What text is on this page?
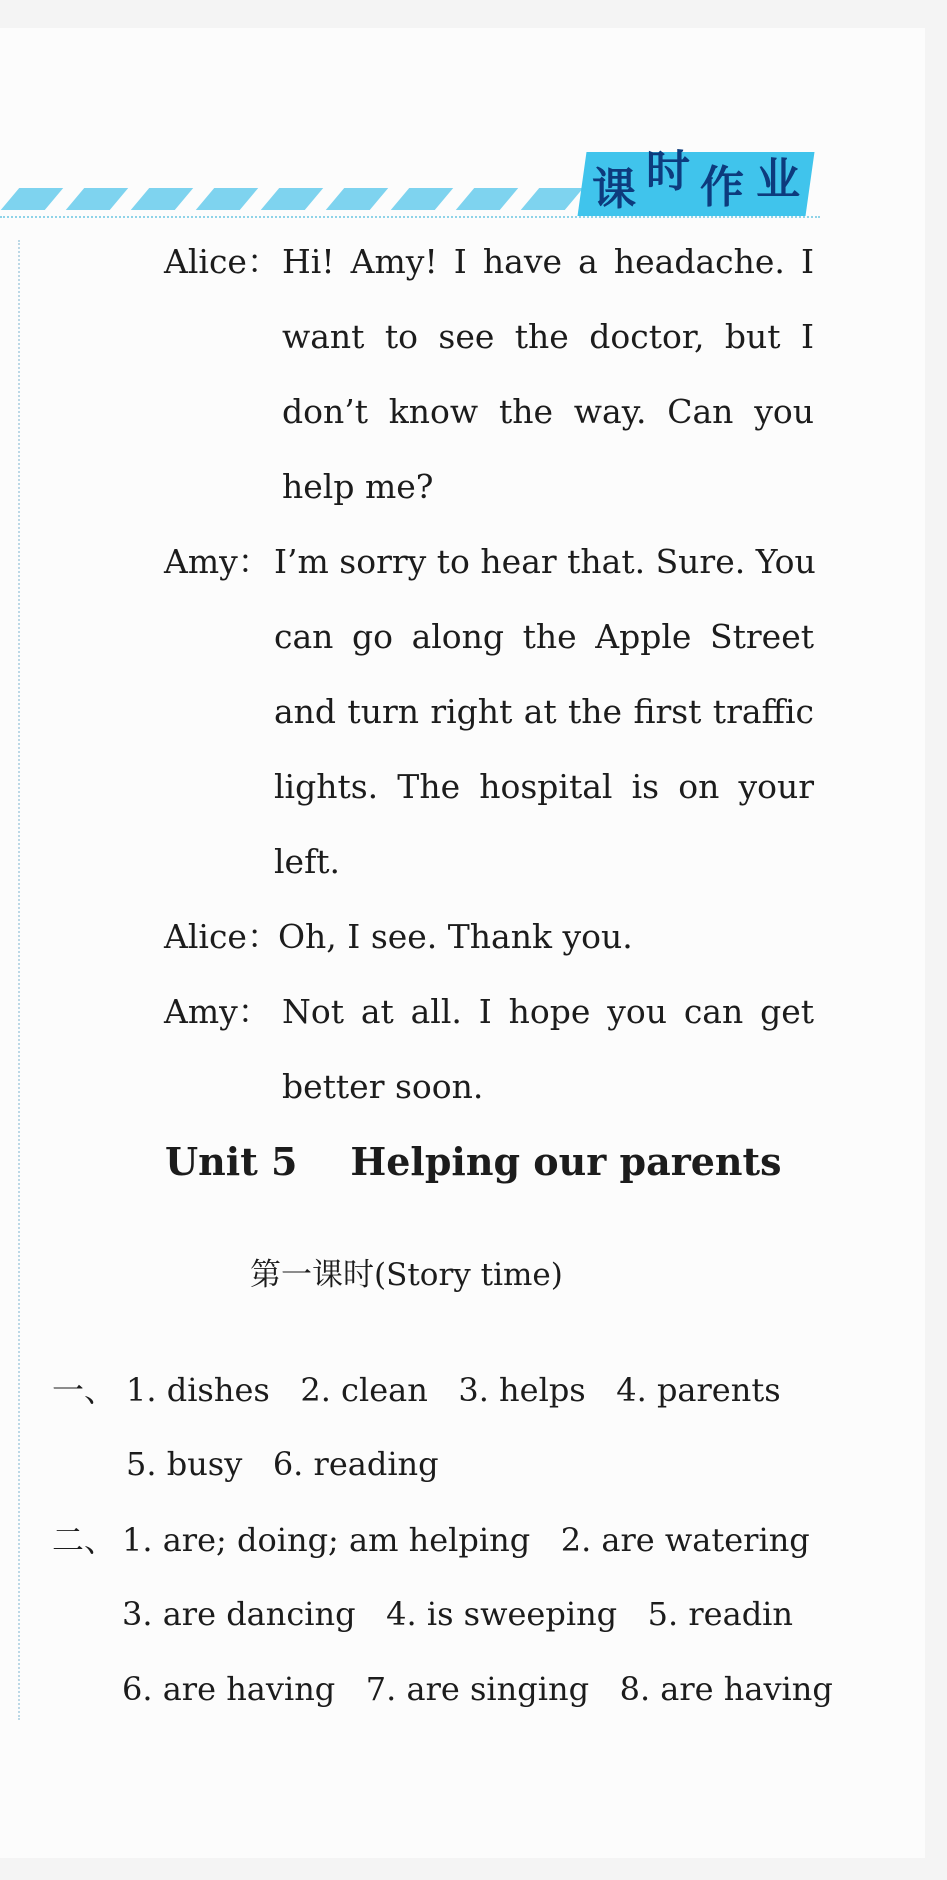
课 时 作 业
Alice： Hi! Amy! I have a headache. I
want to see the doctor, but I
don’t know the way. Can you
help me?
Amy： I’m sorry to hear that. Sure. You
can go along the Apple Street
and turn right at the first traffic
lights. The hospital is on your
left.
Alice：
Oh, I see. Thank you.
Amy： Not at all. I hope you can get
better soon.
Unit 5    Helping our parents
第一课时(Story time)
一、 1. dishes   2. clean   3. helps   4. parents
5. busy   6. reading
二、 1. are; doing; am helping   2. are watering
3. are dancing   4. is sweeping   5. readin
6. are having   7. are singing   8. are having
